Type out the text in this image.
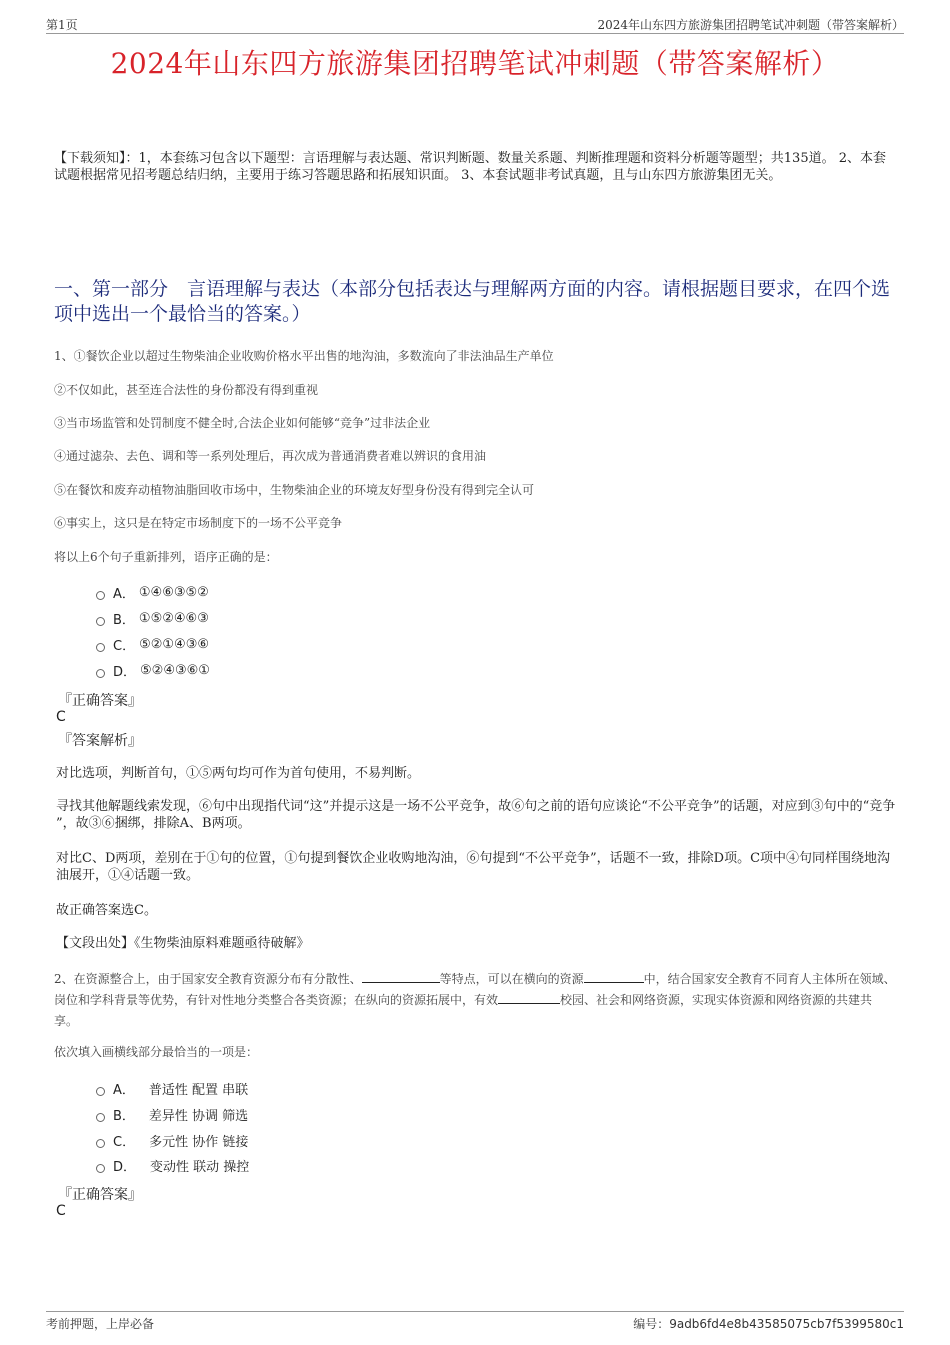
第1页	2024年山东四方旅游集团招聘笔试冲刺题（带答案解析）
2024年山东四方旅游集团招聘笔试冲刺题（带答案解析）
【下载须知】：1，本套练习包含以下题型：言语理解与表达题、常识判断题、数量关系题、判断推理题和资料分析题等题型；共135道。 2、本套试题根据常见招考题总结归纳，主要用于练习答题思路和拓展知识面。 3、本套试题非考试真题，且与山东四方旅游集团无关。
一、第一部分　言语理解与表达（本部分包括表达与理解两方面的内容。请根据题目要求，在四个选项中选出一个最恰当的答案。）
1、①餐饮企业以超过生物柴油企业收购价格水平出售的地沟油，多数流向了非法油品生产单位
②不仅如此，甚至连合法性的身份都没有得到重视
③当市场监管和处罚制度不健全时,合法企业如何能够“竞争”过非法企业
④通过滤杂、去色、调和等一系列处理后，再次成为普通消费者难以辨识的食用油
⑤在餐饮和废弃动植物油脂回收市场中，生物柴油企业的环境友好型身份没有得到完全认可
⑥事实上，这只是在特定市场制度下的一场不公平竞争
将以上6个句子重新排列，语序正确的是：
A． ①④⑥③⑤②
B． ①⑤②④⑥③
C． ⑤②①④③⑥
D． ⑤②④③⑥①
『正确答案』
C
『答案解析』
对比选项，判断首句，①⑤两句均可作为首句使用，不易判断。
寻找其他解题线索发现，⑥句中出现指代词“这”并提示这是一场不公平竞争，故⑥句之前的语句应谈论“不公平竞争”的话题，对应到③句中的“竞争 ”，故③⑥捆绑，排除A、B两项。
对比C、D两项，差别在于①句的位置，①句提到餐饮企业收购地沟油，⑥句提到“不公平竞争”，话题不一致，排除D项。C项中④句同样围绕地沟油展开，①④话题一致。
故正确答案选C。
【文段出处】《生物柴油原料难题亟待破解》
2、在资源整合上，由于国家安全教育资源分布有分散性、	等特点，可以在横向的资源	中，结合国家安全教育不同育人主体所在领域、岗位和学科背景等优势，有针对性地分类整合各类资源；在纵向的资源拓展中，有效	校园、社会和网络资源，实现实体资源和网络资源的共建共享。
依次填入画横线部分最恰当的一项是：
A． 普适性 配置 串联
B． 差异性 协调 筛选
C． 多元性 协作 链接
D． 变动性 联动 操控
『正确答案』
C
考前押题，上岸必备	编号：9adb6fd4e8b43585075cb7f5399580c1
